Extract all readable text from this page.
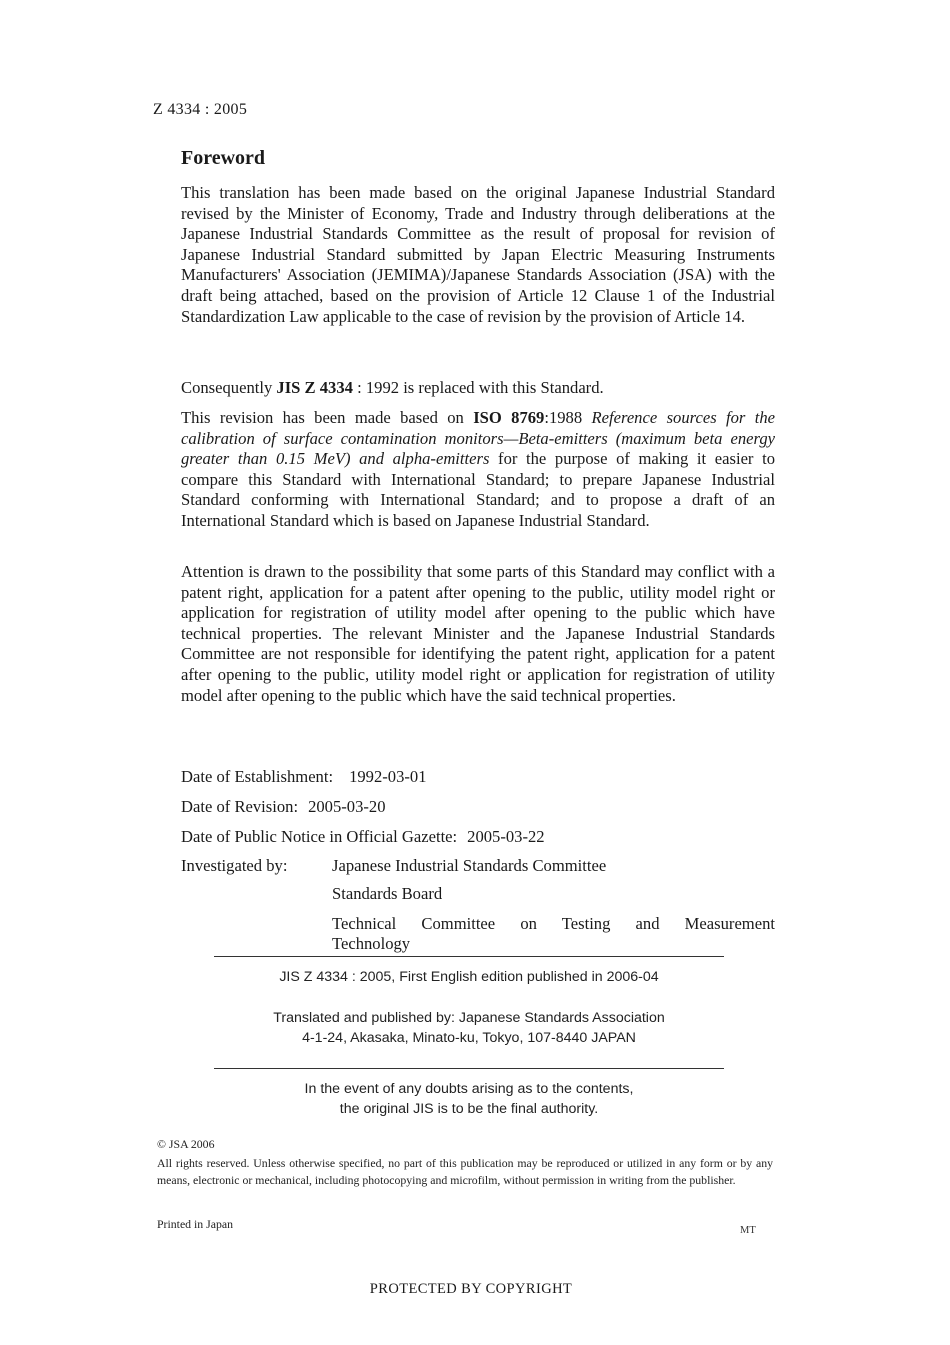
Z 4334 : 2005
Foreword

This translation has been made based on the original Japanese Industrial Standard revised by the Minister of Economy, Trade and Industry through deliberations at the Japanese Industrial Standards Committee as the result of proposal for revision of Japanese Industrial Standard submitted by Japan Electric Measuring Instruments Manufacturers' Association (JEMIMA)/Japanese Standards Association (JSA) with the draft being attached, based on the provision of Article 12 Clause 1 of the Industrial Standardization Law applicable to the case of revision by the provision of Article 14.

Consequently JIS Z 4334 : 1992 is replaced with this Standard.

This revision has been made based on ISO 8769:1988 Reference sources for the calibration of surface contamination monitors—Beta-emitters (maximum beta energy greater than 0.15 MeV) and alpha-emitters for the purpose of making it easier to compare this Standard with International Standard; to prepare Japanese Industrial Standard conforming with International Standard; and to propose a draft of an International Standard which is based on Japanese Industrial Standard.

Attention is drawn to the possibility that some parts of this Standard may conflict with a patent right, application for a patent after opening to the public, utility model right or application for registration of utility model after opening to the public which have technical properties. The relevant Minister and the Japanese Industrial Standards Committee are not responsible for identifying the patent right, application for a patent after opening to the public, utility model right or application for registration of utility model after opening to the public which have the said technical properties.

Date of Establishment: 1992-03-01
Date of Revision: 2005-03-20
Date of Public Notice in Official Gazette: 2005-03-22
Investigated by:	Japanese Industrial Standards Committee
Standards Board
Technical Committee on Testing and Measurement
Technology
JIS Z 4334 : 2005, First English edition published in 2006-04
Translated and published by: Japanese Standards Association
4-1-24, Akasaka, Minato-ku, Tokyo, 107-8440 JAPAN
In the event of any doubts arising as to the contents,
the original JIS is to be the final authority.
© JSA 2006
All rights reserved. Unless otherwise specified, no part of this publication may be reproduced or utilized in any form or by any means, electronic or mechanical, including photocopying and microfilm, without permission in writing from the publisher.
Printed in Japan	MT
PROTECTED BY COPYRIGHT
